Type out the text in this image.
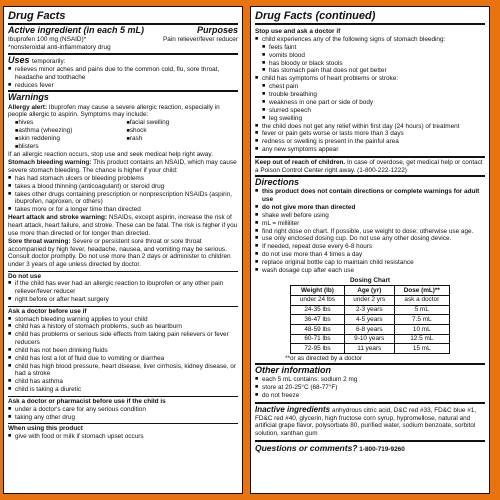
Drug Facts
Active ingredient (in each 5 mL)	Purposes
Ibuprofen 100 mg (NSAID)*	Pain reliever/fever reducer

*nonsteroidal anti-inflammatory drug

Uses temporarily:
■ relieves minor aches and pains due to the common cold, flu, sore throat, headache and toothache
■ reduces fever
Warnings

Allergy alert: Ibuprofen may cause a severe allergic reaction, especially in people allergic to aspirin. Symptoms may include:

■ hives	■ facial swelling
■ asthma (wheezing)	■ shock
■ skin reddening	■ rash
■ blisters

If an allergic reaction occurs, stop use and seek medical help right away.

Stomach bleeding warning: This product contains an NSAID, which may cause severe stomach bleeding. The chance is higher if your child:

■ has had stomach ulcers or bleeding problems
■ takes a blood thinning (anticoagulant) or steroid drug
■ takes other drugs containing prescription or nonprescription NSAIDs (aspirin, ibuprofen, naproxen, or others)
■ takes more or for a longer time than directed

Heart attack and stroke warning: NSAIDs, except aspirin, increase the risk of heart attack, heart failure, and stroke. These can be fatal. The risk is higher if you use more than directed or for longer than directed.

Sore throat warning: Severe or persistent sore throat or sore throat accompanied by high fever, headache, nausea, and vomiting may be serious. Consult doctor promptly. Do not use more than 2 days or administer to children under 3 years of age unless directed by doctor.

Do not use
■ if the child has ever had an allergic reaction to ibuprofen or any other pain reliever/fever reducer
■ right before or after heart surgery
Ask a doctor before use if
■ stomach bleeding warning applies to your child
■ child has a history of stomach problems, such as heartburn
■ child has problems or serious side effects from taking pain relievers or fever reducers
■ child has not been drinking fluids
■ child has lost a lot of fluid due to vomiting or diarrhea
■ child has high blood pressure, heart disease, liver cirrhosis, kidney disease, or had a stroke
■ child has asthma
■ child is taking a diuretic
Ask a doctor or pharmacist before use if the child is
■ under a doctor's care for any serious condition
■ taking any other drug
When using this product
■ give with food or milk if stomach upset occurs
Drug Facts (continued)
Stop use and ask a doctor if
■ child experiences any of the following signs of stomach bleeding:
■ feels faint
■ vomits blood
■ has bloody or black stools
■ has stomach pain that does not get better
■ child has symptoms of heart problems or stroke:
■ chest pain
■ trouble breathing
■ weakness in one part or side of body
■ slurred speech
■ leg swelling
■ the child does not get any relief within first day (24 hours) of treatment
■ fever or pain gets worse or lasts more than 3 days
■ redness or swelling is present in the painful area
■ any new symptoms appear

Keep out of reach of children. In case of overdose, get medical help or contact a Poison Control Center right away. (1-800-222-1222)

Directions
■ this product does not contain directions or complete warnings for adult use
■ do not give more than directed
■ shake well before using
■ mL = milliliter
■ find right dose on chart. If possible, use weight to dose; otherwise use age.
■ use only enclosed dosing cup. Do not use any other dosing device.
■ If needed, repeat dose every 6-8 hours
■ do not use more than 4 times a day
■ replace original bottle cap to maintain child resistance
■ wash dosage cup after each use
Dosing Chart
Weight (lb)	Age (yr)	Dose (mL)**
under 24 lbs	under 2 yrs	ask a doctor
24-35 lbs	2-3 years	5 mL
36-47 lbs	4-5 years	7.5 mL
48-59 lbs	6-8 years	10 mL
60-71 lbs	9-10 years	12.5 mL
72-95 lbs	11 years	15 mL

**or as directed by a doctor

Other information
■ each 5 mL contains: sodium 2 mg
■ store at 20-25°C (68-77°F)
■ do not freeze

Inactive ingredients anhydrous citric acid, D&C red #33, FD&C blue #1, FD&C red #40, glycerin, high fructose corn syrup, hypromellose, natural and artificial grape flavor, polysorbate 80, purified water, sodium benzoate, sorbitol solution, xanthan gum

Questions or comments? 1-800-719-9260
